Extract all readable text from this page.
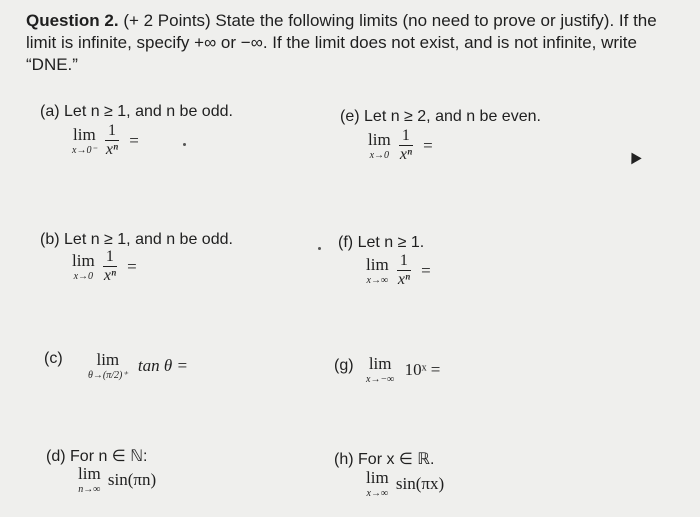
Question 2. (+ 2 Points) State the following limits (no need to prove or justify). If the limit is infinite, specify +∞ or −∞. If the limit does not exist, and is not infinite, write “DNE.”
(a) Let n ≥ 1, and n be odd.
lim
x→0⁻
$\frac{1}{\text{xⁿ}}$ =
(e) Let n ≥ 2, and n be even.
lim
x→0
$\frac{1}{\text{xⁿ}}$ =
(b) Let n ≥ 1, and n be odd.
lim
x→0
$\frac{1}{\text{xⁿ}}$ =
(f) Let n ≥ 1.
lim
x→∞
$\frac{1}{\text{xⁿ}}$ =
(c)	lim
θ→(π/2)⁺
tan θ =	(g) lim
x→−∞
10ˣ =
(d) For n ∈ ℕ:
lim
n→∞
sin(πn)
(h) For x ∈ ℝ.
lim
x→∞
sin(πx)
